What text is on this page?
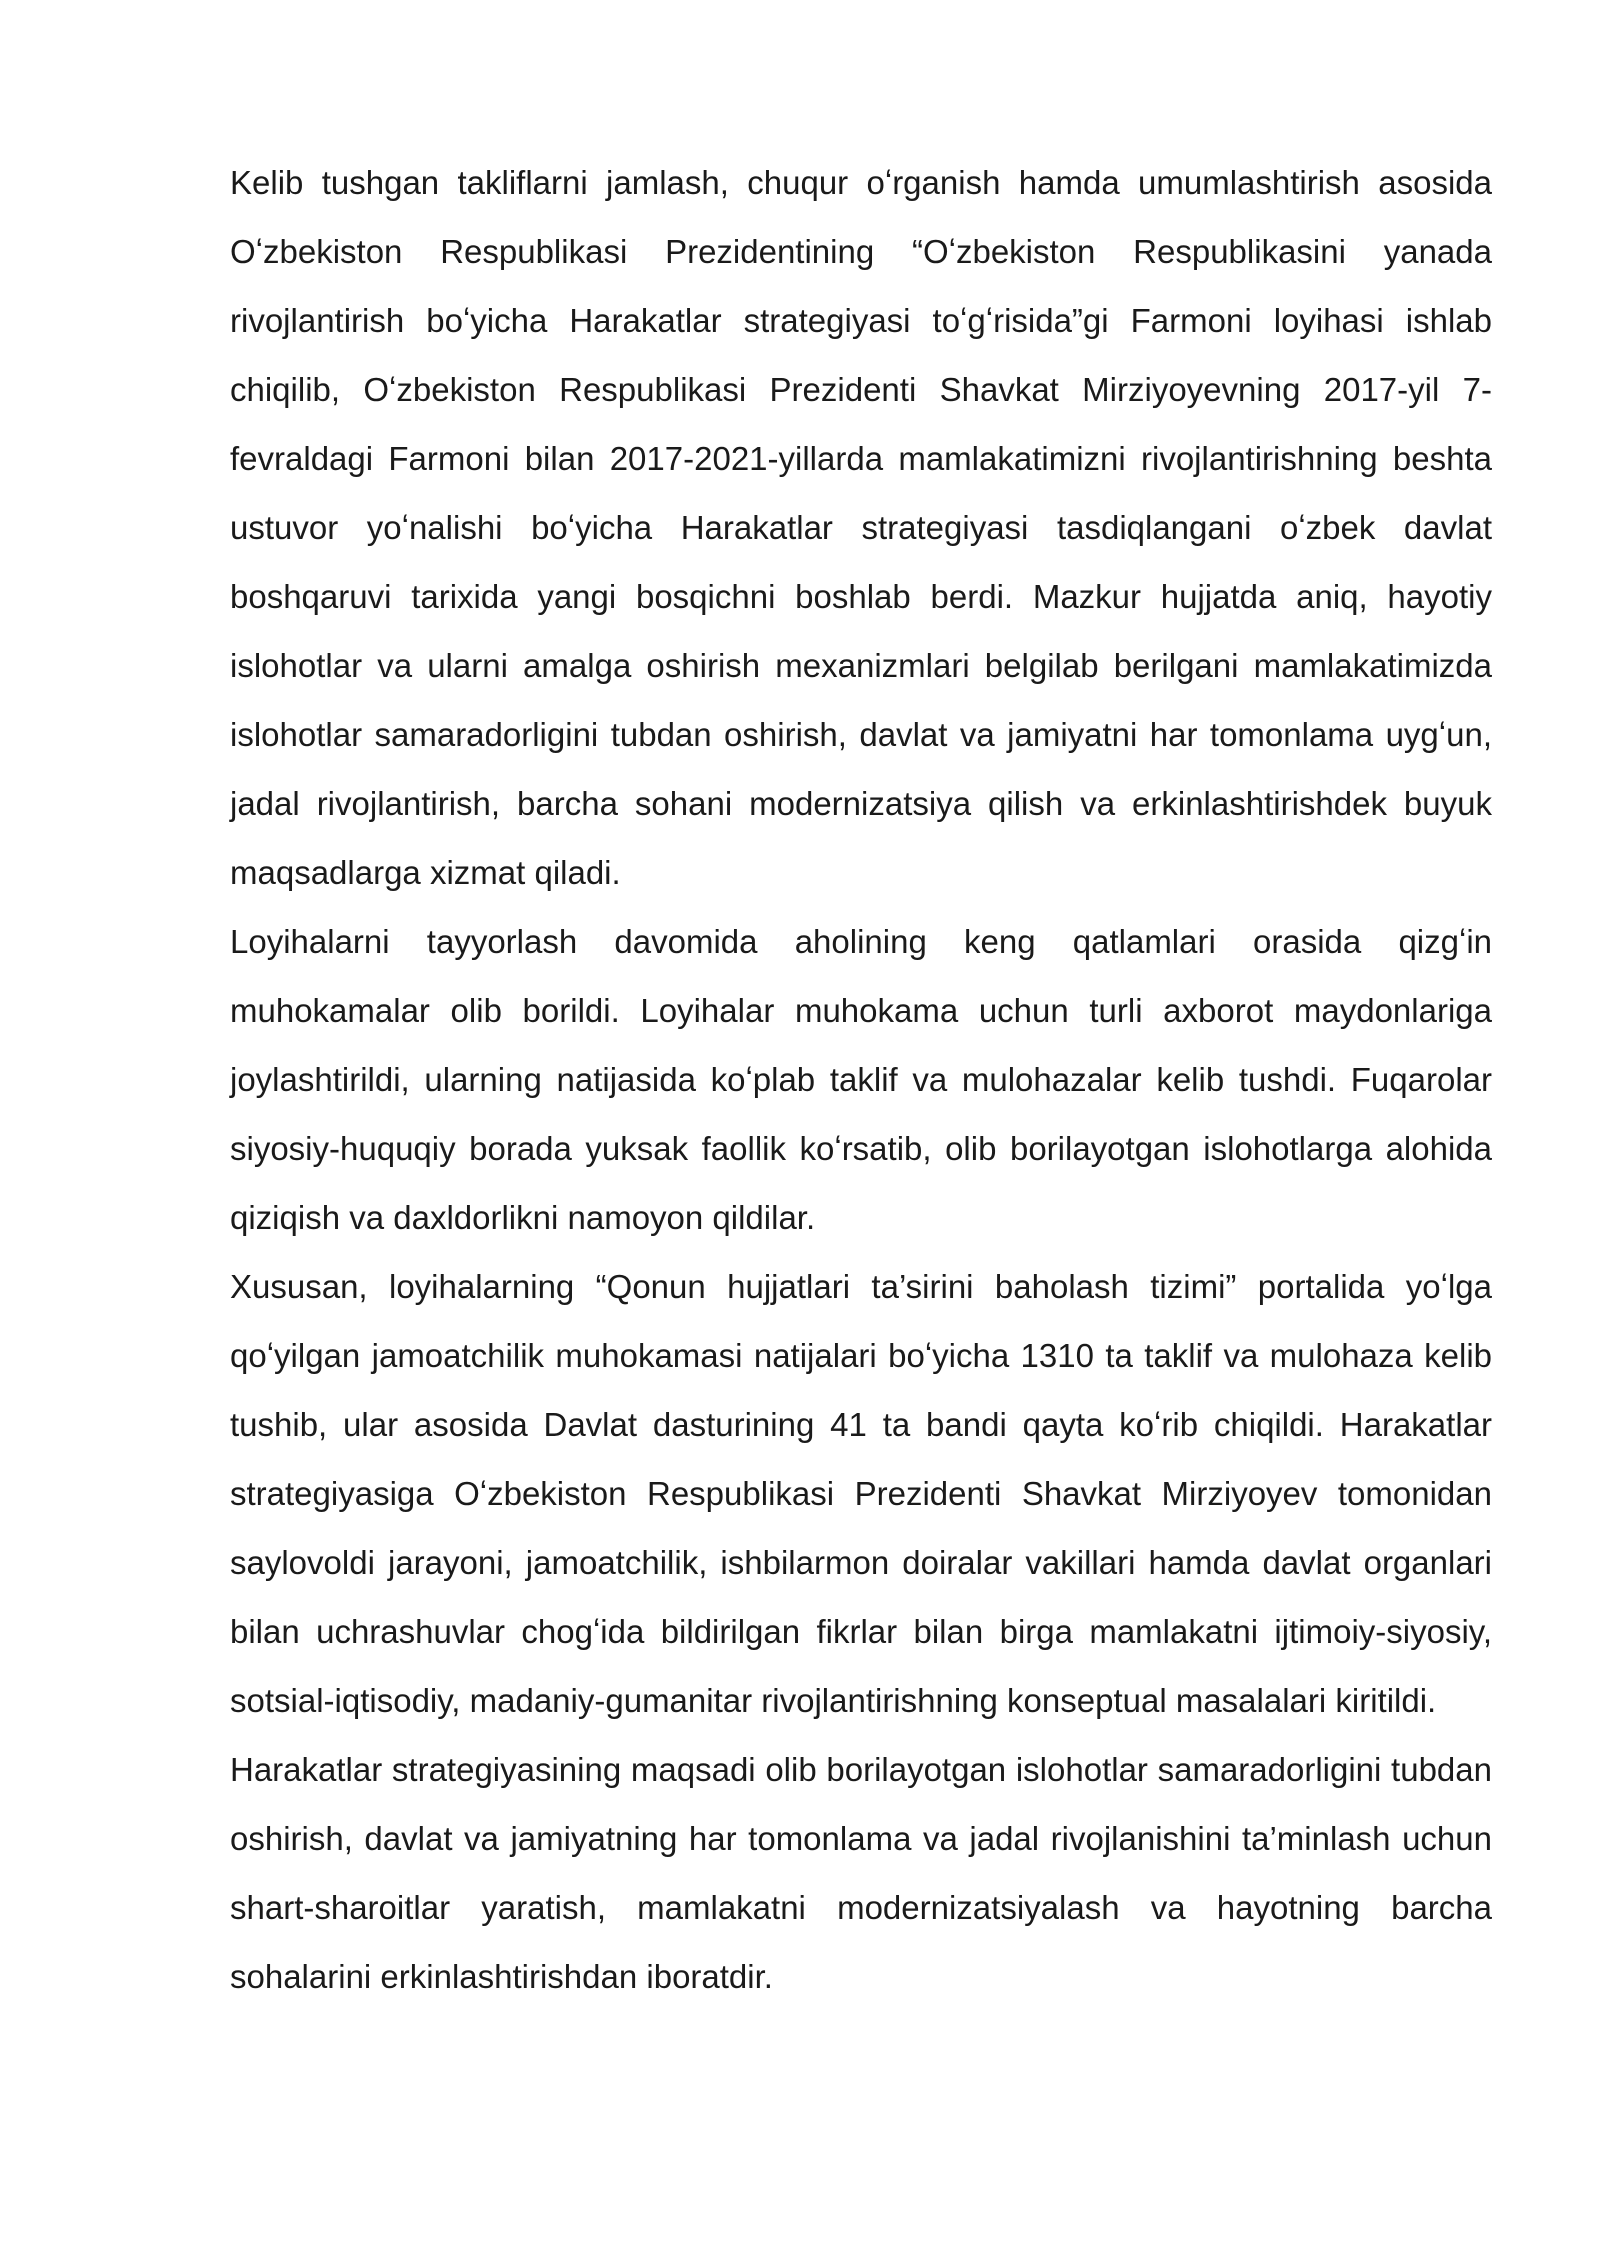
Kelib tushgan takliflarni jamlash, chuqur oʻrganish hamda umumlashtirish asosida Oʻzbekiston Respublikasi Prezidentining “Oʻzbekiston Respublikasini yanada rivojlantirish boʻyicha Harakatlar strategiyasi toʻgʻrisida”gi Farmoni loyihasi ishlab chiqilib, Oʻzbekiston Respublikasi Prezidenti Shavkat Mirziyoyevning 2017-yil 7-fevraldagi Farmoni bilan 2017-2021-yillarda mamlakatimizni rivojlantirishning beshta ustuvor yoʻnalishi boʻyicha Harakatlar strategiyasi tasdiqlangani oʻzbek davlat boshqaruvi tarixida yangi bosqichni boshlab berdi. Mazkur hujjatda aniq, hayotiy islohotlar va ularni amalga oshirish mexanizmlari belgilab berilgani mamlakatimizda islohotlar samaradorligini tubdan oshirish, davlat va jamiyatni har tomonlama uygʻun, jadal rivojlantirish, barcha sohani modernizatsiya qilish va erkinlashtirishdek buyuk maqsadlarga xizmat qiladi.

Loyihalarni tayyorlash davomida aholining keng qatlamlari orasida qizgʻin muhokamalar olib borildi. Loyihalar muhokama uchun turli axborot maydonlariga joylashtirildi, ularning natijasida koʻplab taklif va mulohazalar kelib tushdi. Fuqarolar siyosiy-huquqiy borada yuksak faollik koʻrsatib, olib borilayotgan islohotlarga alohida qiziqish va daxldorlikni namoyon qildilar.

Xususan, loyihalarning “Qonun hujjatlari ta’sirini baholash tizimi” portalida yoʻlga qoʻyilgan jamoatchilik muhokamasi natijalari boʻyicha 1310 ta taklif va mulohaza kelib tushib, ular asosida Davlat dasturining 41 ta bandi qayta koʻrib chiqildi. Harakatlar strategiyasiga Oʻzbekiston Respublikasi Prezidenti Shavkat Mirziyoyev tomonidan saylovoldi jarayoni, jamoatchilik, ishbilarmon doiralar vakillari hamda davlat organlari bilan uchrashuvlar chogʻida bildirilgan fikrlar bilan birga mamlakatni ijtimoiy-siyosiy, sotsial-iqtisodiy, madaniy-gumanitar rivojlantirishning konseptual masalalari kiritildi.

Harakatlar strategiyasining maqsadi olib borilayotgan islohotlar samaradorligini tubdan oshirish, davlat va jamiyatning har tomonlama va jadal rivojlanishini ta’minlash uchun shart-sharoitlar yaratish, mamlakatni modernizatsiyalash va hayotning barcha sohalarini erkinlashtirishdan iboratdir.
